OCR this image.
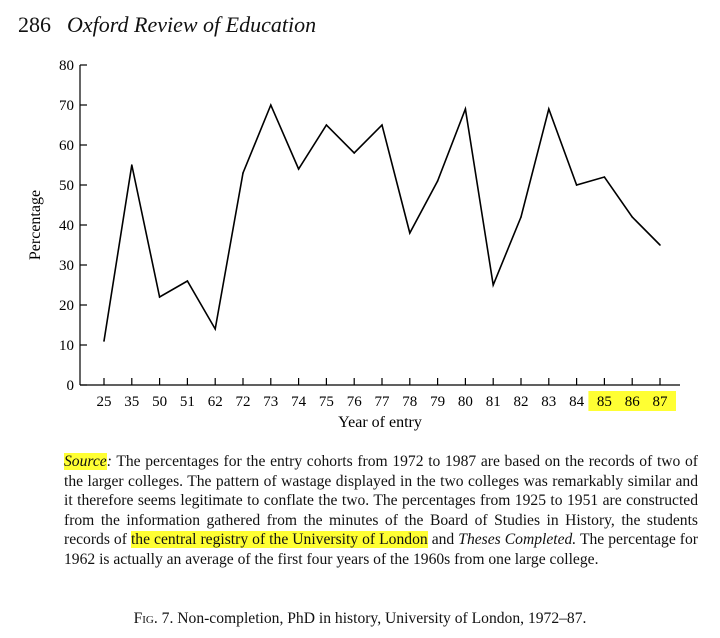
286 Oxford Review of Education
0
10
20
30
40
50
60
70
80
25 35 50 51 62 72 73 74 75 76 77 78 79 80 81 82 83 84 85 86 87
Year of entry
Percentage
Source: The percentages for the entry cohorts from 1972 to 1987 are based on the records of two of the larger colleges. The pattern of wastage displayed in the two colleges was remarkably similar and it therefore seems legitimate to conflate the two. The percentages from 1925 to 1951 are constructed from the information gathered from the minutes of the Board of Studies in History, the students records of the central registry of the University of London and Theses Completed. The percentage for 1962 is actually an average of the first four years of the 1960s from one large college.
Fig. 7. Non-completion, PhD in history, University of London, 1972–87.
